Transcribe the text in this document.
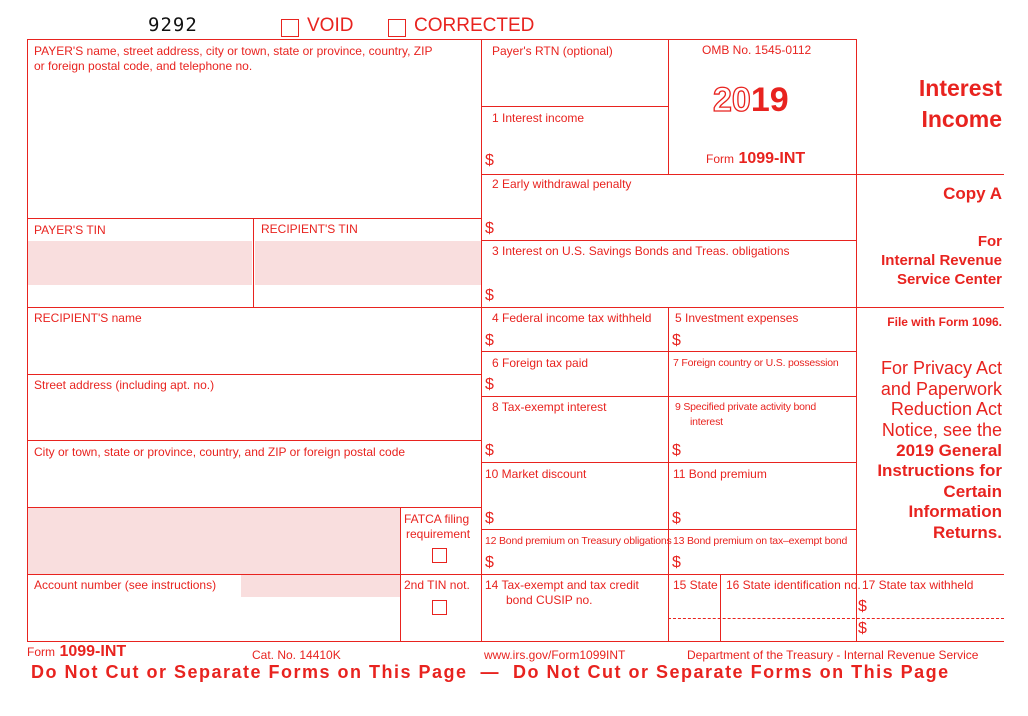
9292	VOID	CORRECTED
PAYER'S name, street address, city or town, state or province, country, ZIP
or foreign postal code, and telephone no.
PAYER'S TIN	RECIPIENT'S TIN
RECIPIENT'S name
Street address (including apt. no.)
City or town, state or province, country, and ZIP or foreign postal code
FATCA filing
requirement
Account number (see instructions)	2nd TIN not.
Payer's RTN (optional)	OMB No. 1545-0112
2019
Form 1099-INT
1 Interest income
$
2 Early withdrawal penalty
$
3 Interest on U.S. Savings Bonds and Treas. obligations
$
4 Federal income tax withheld
$
5 Investment expenses
$
6 Foreign tax paid
$
7 Foreign country or U.S. possession
8 Tax-exempt interest
$
9 Specified private activity bond
interest
$
10 Market discount
$
11 Bond premium
$
12 Bond premium on Treasury obligations
$
13 Bond premium on tax–exempt bond
$
14 Tax-exempt and tax credit
bond CUSIP no.
15 State 16 State identification no. 17 State tax withheld
$
$
Interest
Income
Copy A
For
Internal Revenue
Service Center
File with Form 1096.
For Privacy Act
and Paperwork
Reduction Act
Notice, see the
2019 General
Instructions for
Certain
Information
Returns.
Form 1099-INT	Cat. No. 14410K	www.irs.gov/Form1099INT	Department of the Treasury - Internal Revenue Service
Do Not Cut or Separate Forms on This Page  —  Do Not Cut or Separate Forms on This Page
